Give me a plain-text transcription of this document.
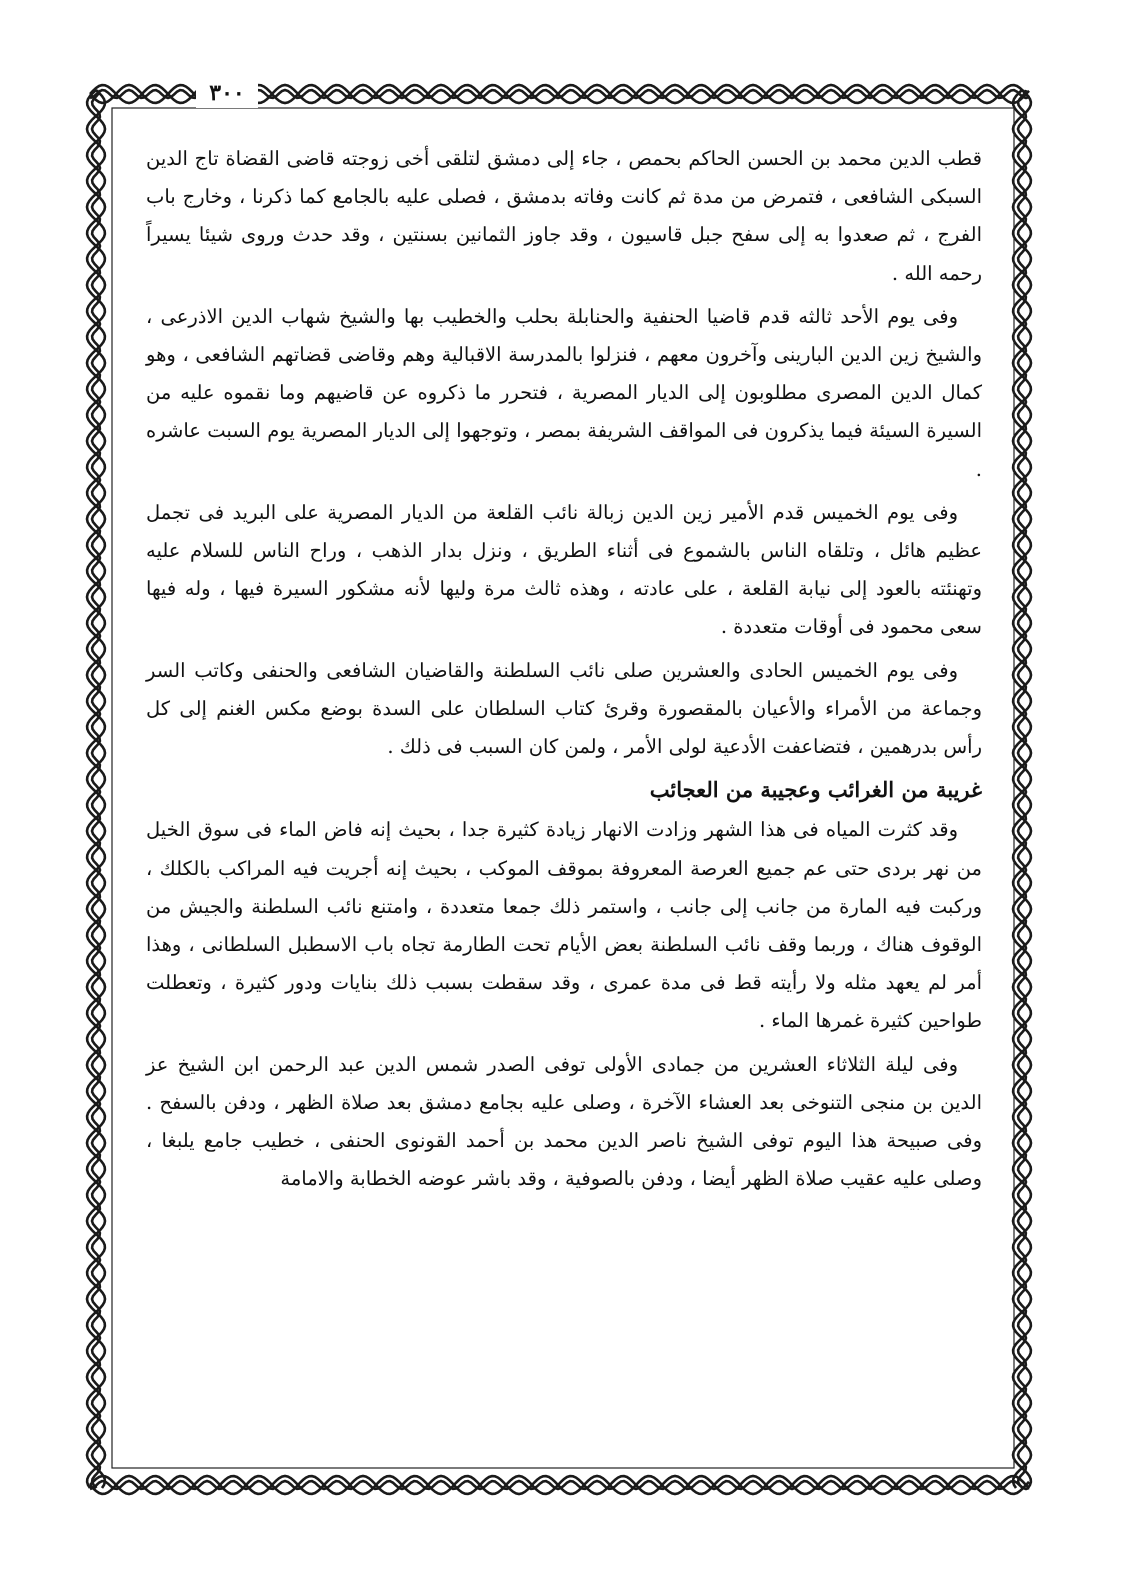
٣٠٠

قطب الدين محمد بن الحسن الحاكم بحمص ، جاء إلى دمشق لتلقى أخى زوجته قاضى القضاة تاج الدين السبكى الشافعى ، فتمرض من مدة ثم كانت وفاته بدمشق ، فصلى عليه بالجامع كما ذكرنا ، وخارج باب الفرج ، ثم صعدوا به إلى سفح جبل قاسيون ، وقد جاوز الثمانين بسنتين ، وقد حدث وروى شيئا يسيراً رحمه الله .

وفى يوم الأحد ثالثه قدم قاضيا الحنفية والحنابلة بحلب والخطيب بها والشيخ شهاب الدين الاذرعى ، والشيخ زين الدين البارينى وآخرون معهم ، فنزلوا بالمدرسة الاقبالية وهم وقاضى قضاتهم الشافعى ، وهو كمال الدين المصرى مطلوبون إلى الديار المصرية ، فتحرر ما ذكروه عن قاضيهم وما نقموه عليه من السيرة السيئة فيما يذكرون فى المواقف الشريفة بمصر ، وتوجهوا إلى الديار المصرية يوم السبت عاشره .

وفى يوم الخميس قدم الأمير زين الدين زبالة نائب القلعة من الديار المصرية على البريد فى تجمل عظيم هائل ، وتلقاه الناس بالشموع فى أثناء الطريق ، ونزل بدار الذهب ، وراح الناس للسلام عليه وتهنئته بالعود إلى نيابة القلعة ، على عادته ، وهذه ثالث مرة وليها لأنه مشكور السيرة فيها ، وله فيها سعى محمود فى أوقات متعددة .

وفى يوم الخميس الحادى والعشرين صلى نائب السلطنة والقاضيان الشافعى والحنفى وكاتب السر وجماعة من الأمراء والأعيان بالمقصورة وقرئ كتاب السلطان على السدة بوضع مكس الغنم إلى كل رأس بدرهمين ، فتضاعفت الأدعية لولى الأمر ، ولمن كان السبب فى ذلك .

غريبة من الغرائب وعجيبة من العجائب

وقد كثرت المياه فى هذا الشهر وزادت الانهار زيادة كثيرة جدا ، بحيث إنه فاض الماء فى سوق الخيل من نهر بردى حتى عم جميع العرصة المعروفة بموقف الموكب ، بحيث إنه أجريت فيه المراكب بالكلك ، وركبت فيه المارة من جانب إلى جانب ، واستمر ذلك جمعا متعددة ، وامتنع نائب السلطنة والجيش من الوقوف هناك ، وربما وقف نائب السلطنة بعض الأيام تحت الطارمة تجاه باب الاسطبل السلطانى ، وهذا أمر لم يعهد مثله ولا رأيته قط فى مدة عمرى ، وقد سقطت بسبب ذلك بنايات ودور كثيرة ، وتعطلت طواحين كثيرة غمرها الماء .

وفى ليلة الثلاثاء العشرين من جمادى الأولى توفى الصدر شمس الدين عبد الرحمن ابن الشيخ عز الدين بن منجى التنوخى بعد العشاء الآخرة ، وصلى عليه بجامع دمشق بعد صلاة الظهر ، ودفن بالسفح . وفى صبيحة هذا اليوم توفى الشيخ ناصر الدين محمد بن أحمد القونوى الحنفى ، خطيب جامع يلبغا ، وصلى عليه عقيب صلاة الظهر أيضا ، ودفن بالصوفية ، وقد باشر عوضه الخطابة والامامة
